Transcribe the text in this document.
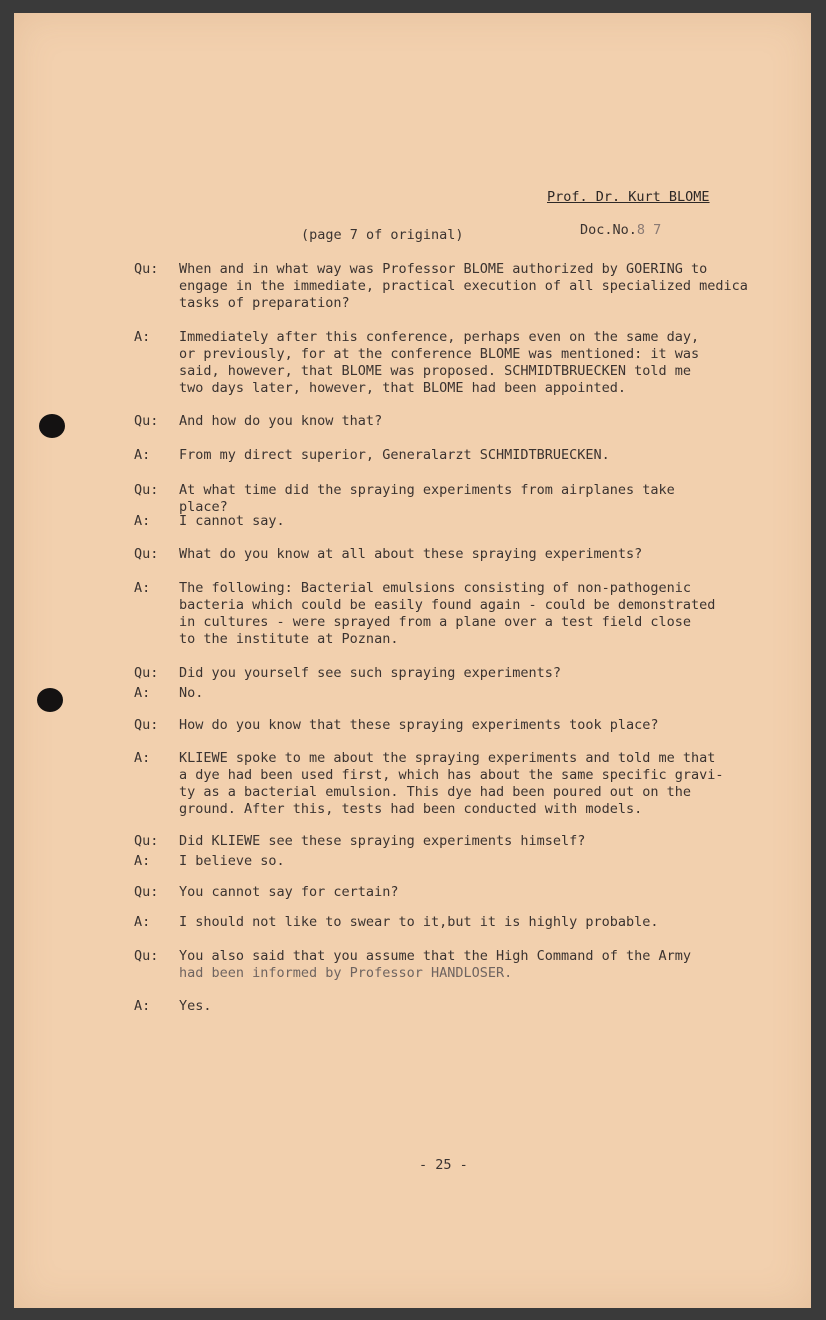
Prof. Dr. Kurt BLOME
(page 7 of original)	Doc.No.8 7
Qu:	When and in what way was Professor BLOME authorized by GOERING to
engage in the immediate, practical execution of all specialized medica
tasks of preparation?
A:	Immediately after this conference, perhaps even on the same day,
or previously, for at the conference BLOME was mentioned: it was
said, however, that BLOME was proposed. SCHMIDTBRUECKEN told me
two days later, however, that BLOME had been appointed.
Qu:	And how do you know that?
A:	From my direct superior, Generalarzt SCHMIDTBRUECKEN.
Qu:	At what time did the spraying experiments from airplanes take
place?
A:	I cannot say.
Qu:	What do you know at all about these spraying experiments?
A:	The following: Bacterial emulsions consisting of non-pathogenic
bacteria which could be easily found again - could be demonstrated
in cultures - were sprayed from a plane over a test field close
to the institute at Poznan.
Qu:	Did you yourself see such spraying experiments?
A:	No.
Qu:	How do you know that these spraying experiments took place?
A:	KLIEWE spoke to me about the spraying experiments and told me that
a dye had been used first, which has about the same specific gravi-
ty as a bacterial emulsion. This dye had been poured out on the
ground. After this, tests had been conducted with models.
Qu:	Did KLIEWE see these spraying experiments himself?
A:	I believe so.
Qu:	You cannot say for certain?
A:	I should not like to swear to it,but it is highly probable.
Qu:	You also said that you assume that the High Command of the Army
had been informed by Professor HANDLOSER.
A:	Yes.
- 25 -
